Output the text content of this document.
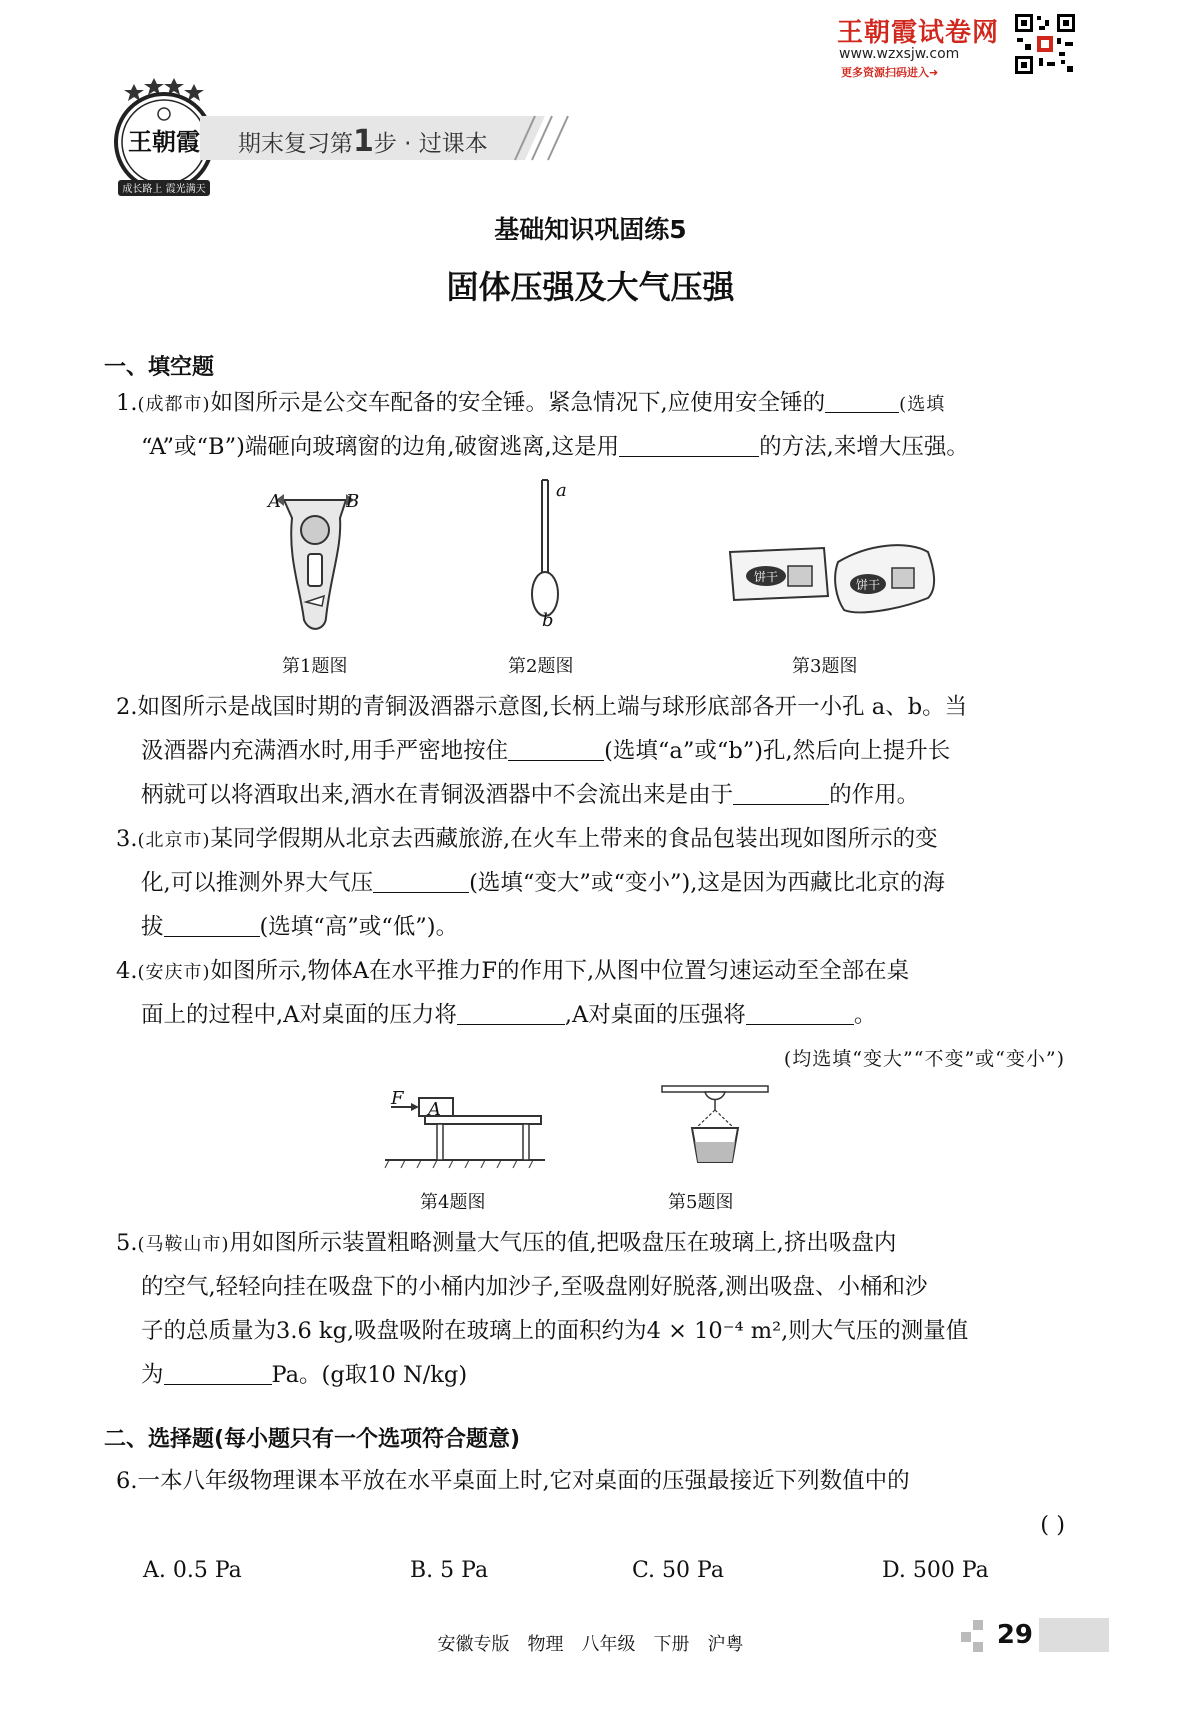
王朝霞试卷网
www.wzxsjw.com
更多资源扫码进入➜
王朝霞
成长路上 霞光满天
期末复习第1步 · 过课本
基础知识巩固练5
固体压强及大气压强
一、填空题
1.(成都市)如图所示是公交车配备的安全锤。紧急情况下,应使用安全锤的	(选填
“A”或“B”)端砸向玻璃窗的边角,破窗逃离,这是用	的方法,来增大压强。
A	B
第1题图
a
b
第2题图
饼干
饼干
第3题图
2.如图所示是战国时期的青铜汲酒器示意图,长柄上端与球形底部各开一小孔 a、b。当
汲酒器内充满酒水时,用手严密地按住	(选填“a”或“b”)孔,然后向上提升长
柄就可以将酒取出来,酒水在青铜汲酒器中不会流出来是由于	的作用。
3.(北京市)某同学假期从北京去西藏旅游,在火车上带来的食品包装出现如图所示的变
化,可以推测外界大气压	(选填“变大”或“变小”),这是因为西藏比北京的海
拔	(选填“高”或“低”)。
4.(安庆市)如图所示,物体A在水平推力F的作用下,从图中位置匀速运动至全部在桌
面上的过程中,A对桌面的压力将	,A对桌面的压强将	。
(均选填“变大”“不变”或“变小”)
F
A
第4题图	第5题图
5.(马鞍山市)用如图所示装置粗略测量大气压的值,把吸盘压在玻璃上,挤出吸盘内
的空气,轻轻向挂在吸盘下的小桶内加沙子,至吸盘刚好脱落,测出吸盘、小桶和沙
子的总质量为3.6 kg,吸盘吸附在玻璃上的面积约为4 × 10⁻⁴ m²,则大气压的测量值
为	Pa。(g取10 N/kg)
二、选择题(每小题只有一个选项符合题意)
6.一本八年级物理课本平放在水平桌面上时,它对桌面的压强最接近下列数值中的
( )
A. 0.5 Pa	B. 5 Pa	C. 50 Pa	D. 500 Pa
安徽专版　物理　八年级　下册　沪粤	29
